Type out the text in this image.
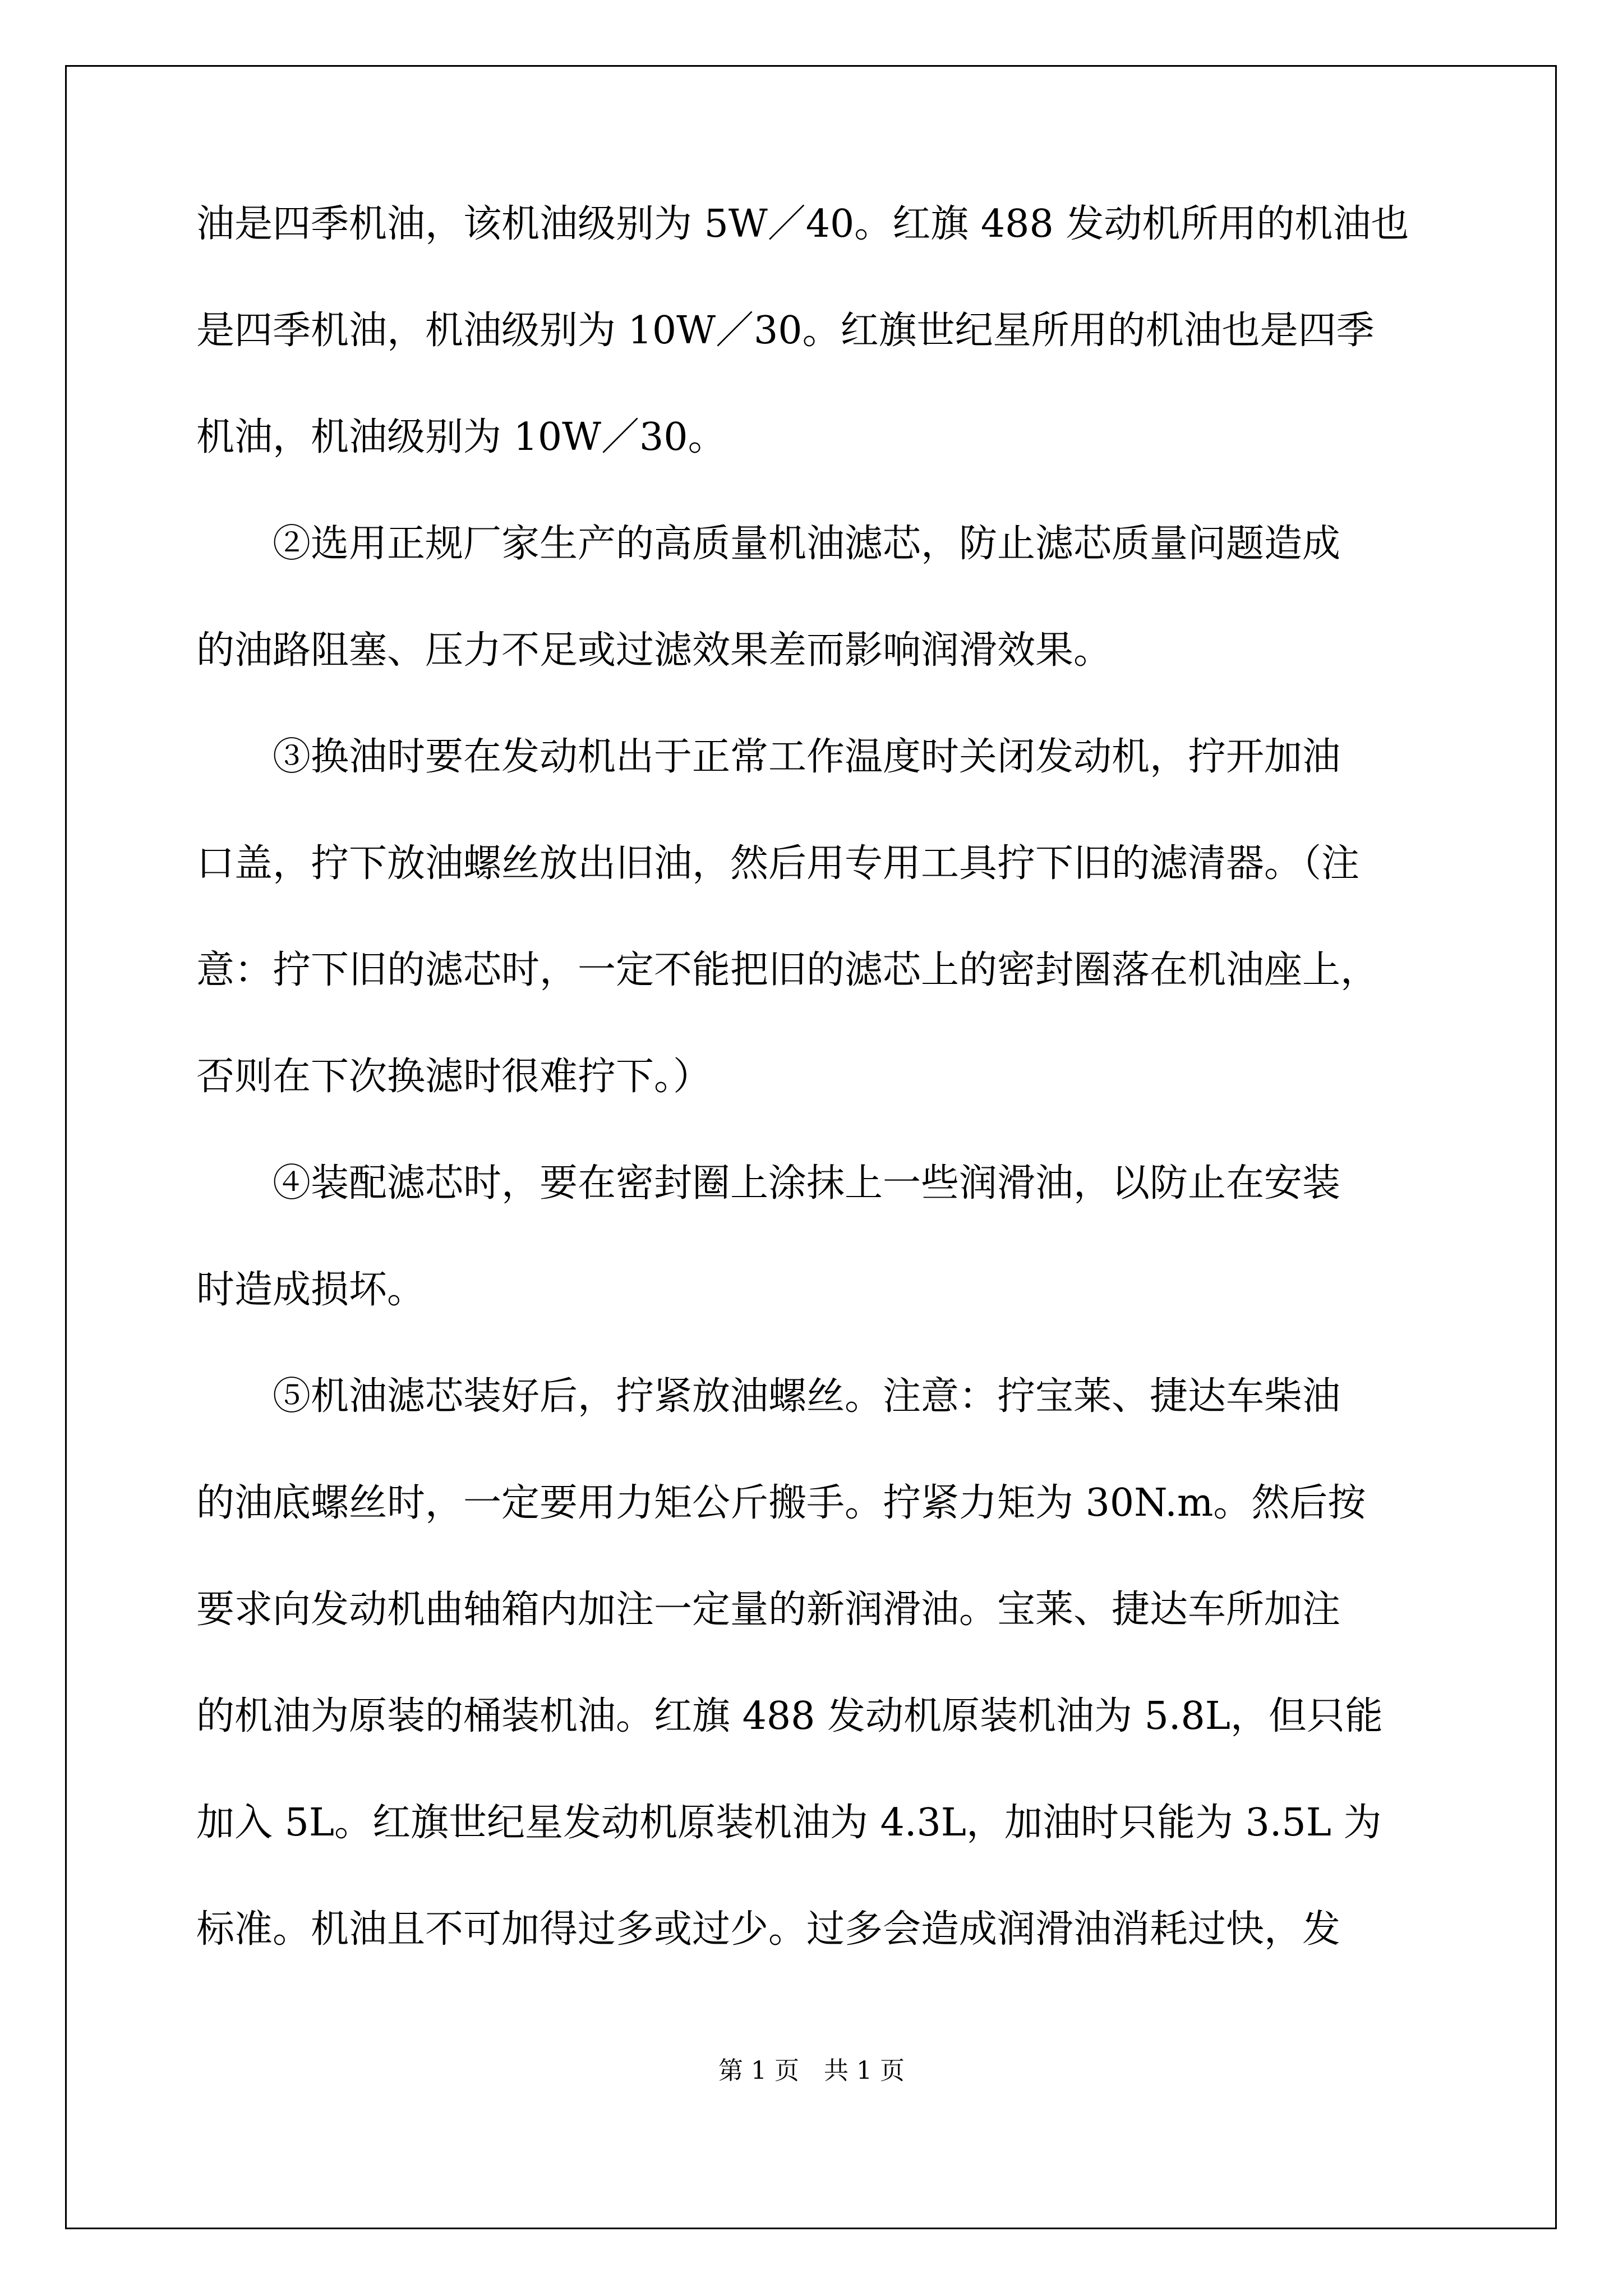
油是四季机油，该机油级别为 5W／40。红旗 488 发动机所用的机油也
是四季机油，机油级别为 10W／30。红旗世纪星所用的机油也是四季
机油，机油级别为 10W／30。
②选用正规厂家生产的高质量机油滤芯，防止滤芯质量问题造成
的油路阻塞、压力不足或过滤效果差而影响润滑效果。
③换油时要在发动机出于正常工作温度时关闭发动机，拧开加油
口盖，拧下放油螺丝放出旧油，然后用专用工具拧下旧的滤清器。（注
意：拧下旧的滤芯时，一定不能把旧的滤芯上的密封圈落在机油座上，
否则在下次换滤时很难拧下。）
④装配滤芯时，要在密封圈上涂抹上一些润滑油，以防止在安装
时造成损坏。
⑤机油滤芯装好后，拧紧放油螺丝。注意：拧宝莱、捷达车柴油
的油底螺丝时，一定要用力矩公斤搬手。拧紧力矩为 30N.m。然后按
要求向发动机曲轴箱内加注一定量的新润滑油。宝莱、捷达车所加注
的机油为原装的桶装机油。红旗 488 发动机原装机油为 5.8L，但只能
加入 5L。红旗世纪星发动机原装机油为 4.3L，加油时只能为 3.5L 为
标准。机油且不可加得过多或过少。过多会造成润滑油消耗过快，发
第 1 页　共 1 页
